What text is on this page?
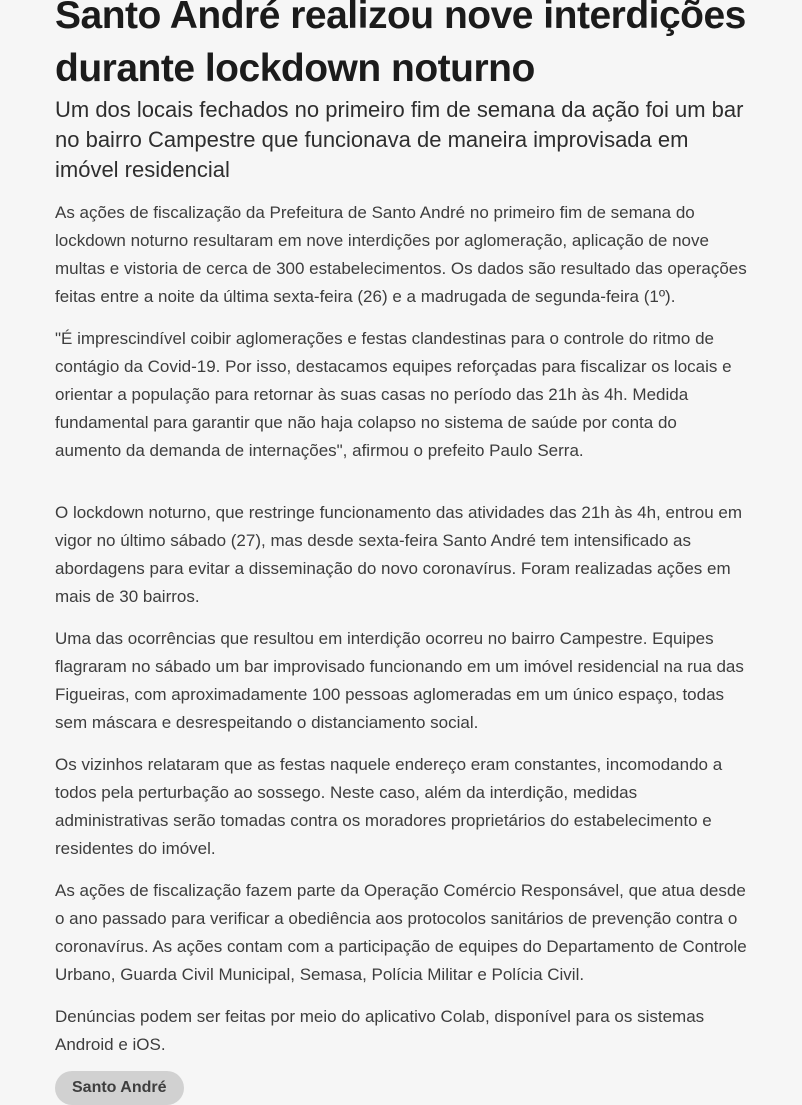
Santo André realizou nove interdições durante lockdown noturno
Um dos locais fechados no primeiro fim de semana da ação foi um bar no bairro Campestre que funcionava de maneira improvisada em imóvel residencial

As ações de fiscalização da Prefeitura de Santo André no primeiro fim de semana do lockdown noturno resultaram em nove interdições por aglomeração, aplicação de nove multas e vistoria de cerca de 300 estabelecimentos. Os dados são resultado das operações feitas entre a noite da última sexta-feira (26) e a madrugada de segunda-feira (1º).

"É imprescindível coibir aglomerações e festas clandestinas para o controle do ritmo de contágio da Covid-19. Por isso, destacamos equipes reforçadas para fiscalizar os locais e orientar a população para retornar às suas casas no período das 21h às 4h. Medida fundamental para garantir que não haja colapso no sistema de saúde por conta do aumento da demanda de internações", afirmou o prefeito Paulo Serra.

O lockdown noturno, que restringe funcionamento das atividades das 21h às 4h, entrou em vigor no último sábado (27), mas desde sexta-feira Santo André tem intensificado as abordagens para evitar a disseminação do novo coronavírus. Foram realizadas ações em mais de 30 bairros.

Uma das ocorrências que resultou em interdição ocorreu no bairro Campestre. Equipes flagraram no sábado um bar improvisado funcionando em um imóvel residencial na rua das Figueiras, com aproximadamente 100 pessoas aglomeradas em um único espaço, todas sem máscara e desrespeitando o distanciamento social.

Os vizinhos relataram que as festas naquele endereço eram constantes, incomodando a todos pela perturbação ao sossego. Neste caso, além da interdição, medidas administrativas serão tomadas contra os moradores proprietários do estabelecimento e residentes do imóvel.

As ações de fiscalização fazem parte da Operação Comércio Responsável, que atua desde o ano passado para verificar a obediência aos protocolos sanitários de prevenção contra o coronavírus. As ações contam com a participação de equipes do Departamento de Controle Urbano, Guarda Civil Municipal, Semasa, Polícia Militar e Polícia Civil.

Denúncias podem ser feitas por meio do aplicativo Colab, disponível para os sistemas Android e iOS.

Santo André
